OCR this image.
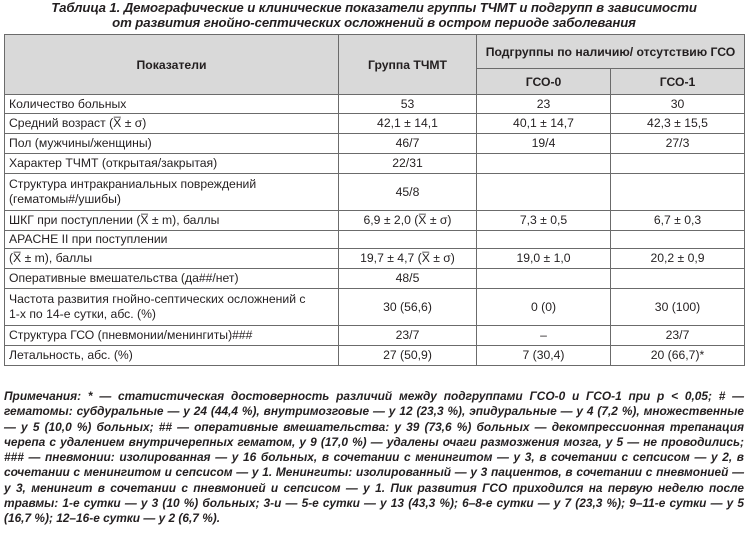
Таблица 1. Демографические и клинические показатели группы ТЧМТ и подгрупп в зависимости
от развития гнойно-септических осложнений в остром периоде заболевания
Показатели	Группа ТЧМТ	Подгруппы по наличию/ отсутствию ГСО	
		ГСО-0	ГСО-1
Количество больных	53	23	30
Средний возраст (X̅ ± σ)	42,1 ± 14,1	40,1 ± 14,7	42,3 ± 15,5
Пол (мужчины/женщины)	46/7	19/4	27/3
Характер ТЧМТ (открытая/закрытая)	22/31		

Структура интракраниальных повреждений
(гематомы#/ушибы)	45/8		
ШКГ при поступлении (X̅ ± m), баллы	6,9 ± 2,0 (X̅ ± σ)	7,3 ± 0,5	6,7 ± 0,3
APACHE II при поступлении			
(X̅ ± m), баллы	19,7 ± 4,7 (X̅ ± σ)	19,0 ± 1,0	20,2 ± 0,9
Оперативные вмешательства (да##/нет)	48/5		

Частота развития гнойно-септических осложнений с
1-х по 14-е сутки, абс. (%)	30 (56,6)	0 (0)	30 (100)
Структура ГСО (пневмонии/менингиты)###	23/7	–	23/7
Летальность, абс. (%)	27 (50,9)	7 (30,4)	20 (66,7)*
Примечания: * — статистическая достоверность различий между подгруппами ГСО-0 и ГСО-1 при p < 0,05; # — гематомы: субдуральные — у 24 (44,4 %), внутримозговые — у 12 (23,3 %), эпидуральные — у 4 (7,2 %), множественные — у 5 (10,0 %) больных; ## — оперативные вмешательства: у 39 (73,6 %) больных — декомпрессионная трепанация черепа с удалением внутричерепных гематом, у 9 (17,0 %) — удалены очаги размозжения мозга, у 5 — не проводились; ### — пневмонии: изолированная — у 16 больных, в сочетании с менингитом — у 3, в сочетании с сепсисом — у 2, в сочетании с менингитом и сепсисом — у 1. Менингиты: изолированный — у 3 пациентов, в сочетании с пневмонией — у 3, менингит в сочетании с пневмонией и сепсисом — у 1. Пик развития ГСО приходился на первую неделю после травмы: 1-е сутки — у 3 (10 %) больных; 3-и — 5-е сутки — у 13 (43,3 %); 6–8-е сутки — у 7 (23,3 %); 9–11-е сутки — у 5 (16,7 %); 12–16-е сутки — у 2 (6,7 %).
